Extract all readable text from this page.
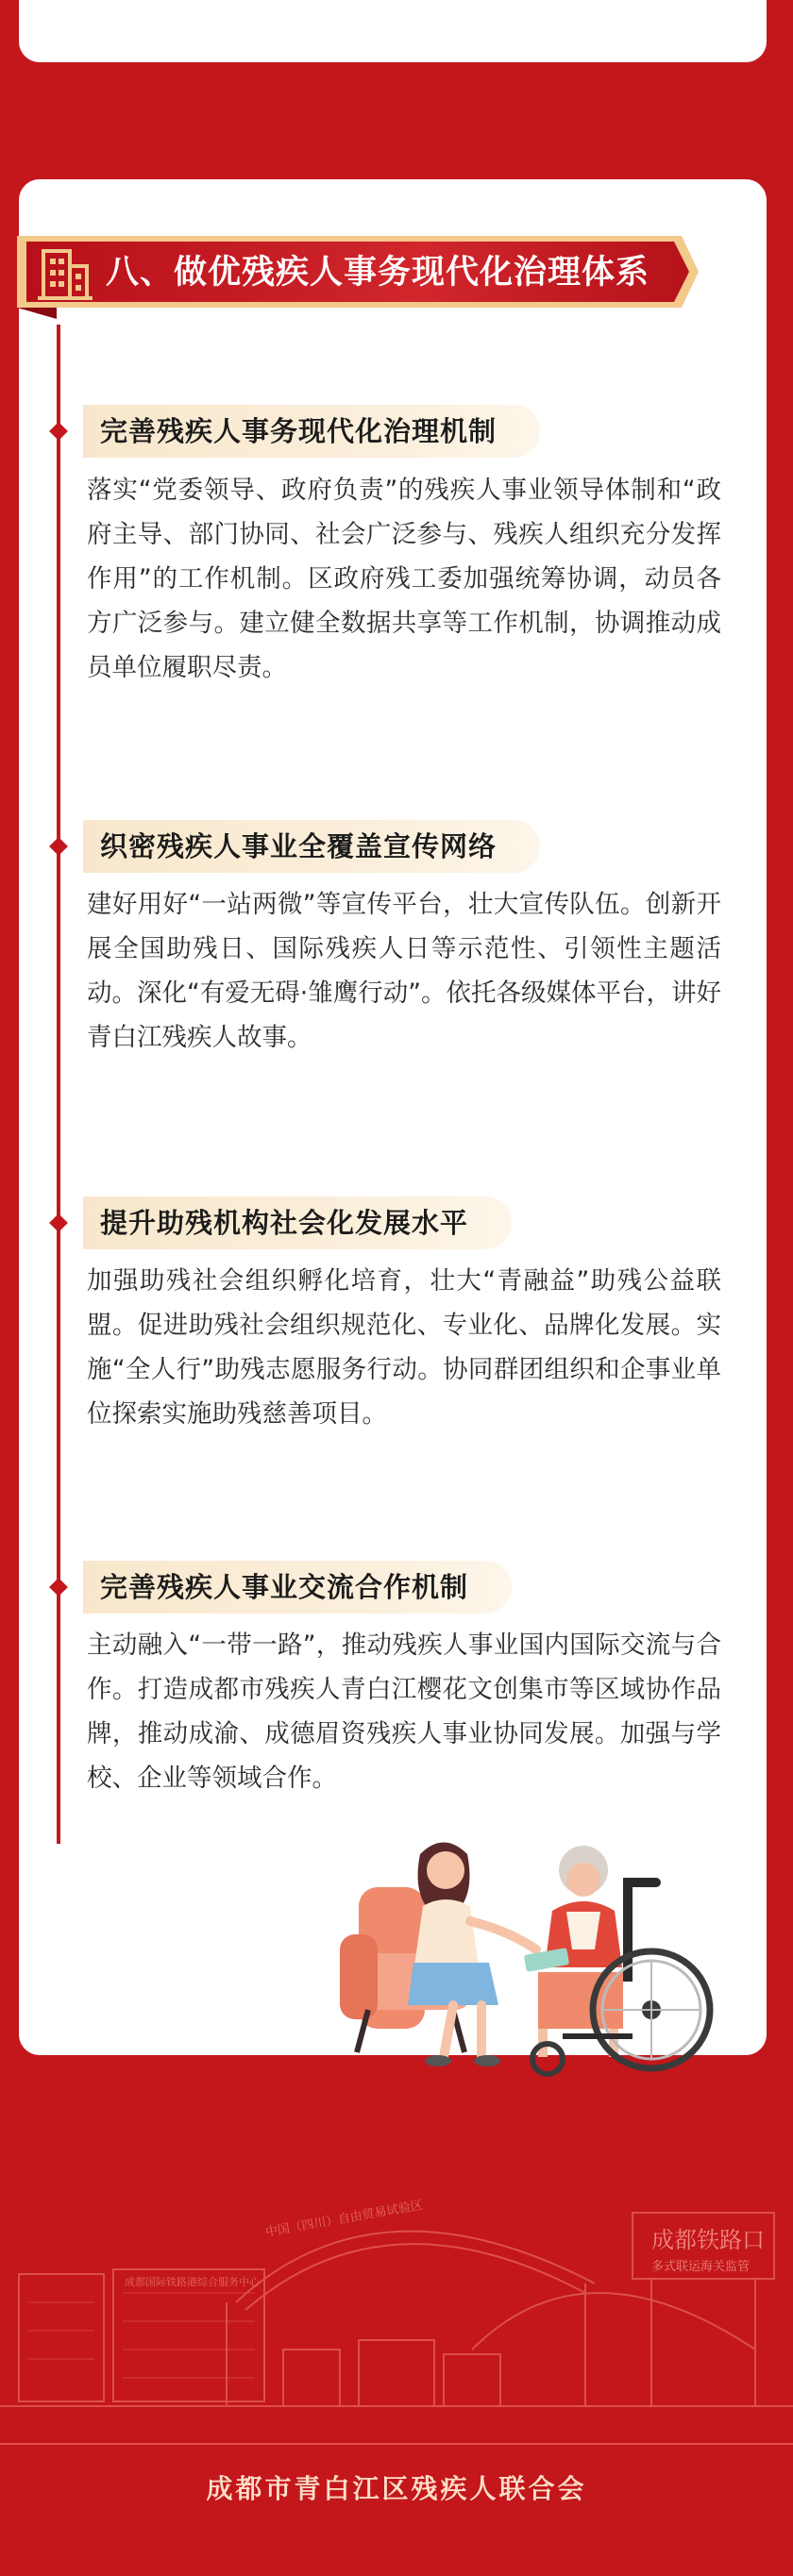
八、做优残疾人事务现代化治理体系
完善残疾人事务现代化治理机制
落实“党委领导、政府负责”的残疾人事业领导体制和“政府主导、部门协同、社会广泛参与、残疾人组织充分发挥作用”的工作机制。区政府残工委加强统筹协调，动员各方广泛参与。建立健全数据共享等工作机制，协调推动成员单位履职尽责。
织密残疾人事业全覆盖宣传网络
建好用好“一站两微”等宣传平台，壮大宣传队伍。创新开展全国助残日、国际残疾人日等示范性、引领性主题活动。深化“有爱无碍·雏鹰行动”。依托各级媒体平台，讲好青白江残疾人故事。
提升助残机构社会化发展水平
加强助残社会组织孵化培育，壮大“青融益”助残公益联盟。促进助残社会组织规范化、专业化、品牌化发展。实施“全人行”助残志愿服务行动。协同群团组织和企事业单位探索实施助残慈善项目。
完善残疾人事业交流合作机制
主动融入“一带一路”，推动残疾人事业国内国际交流与合作。打造成都市残疾人青白江樱花文创集市等区域协作品牌，推动成渝、成德眉资残疾人事业协同发展。加强与学校、企业等领域合作。
成都铁路口
多式联运海关监管
中国（四川）自由贸易试验区
成都国际铁路港综合服务中心
成都市青白江区残疾人联合会
